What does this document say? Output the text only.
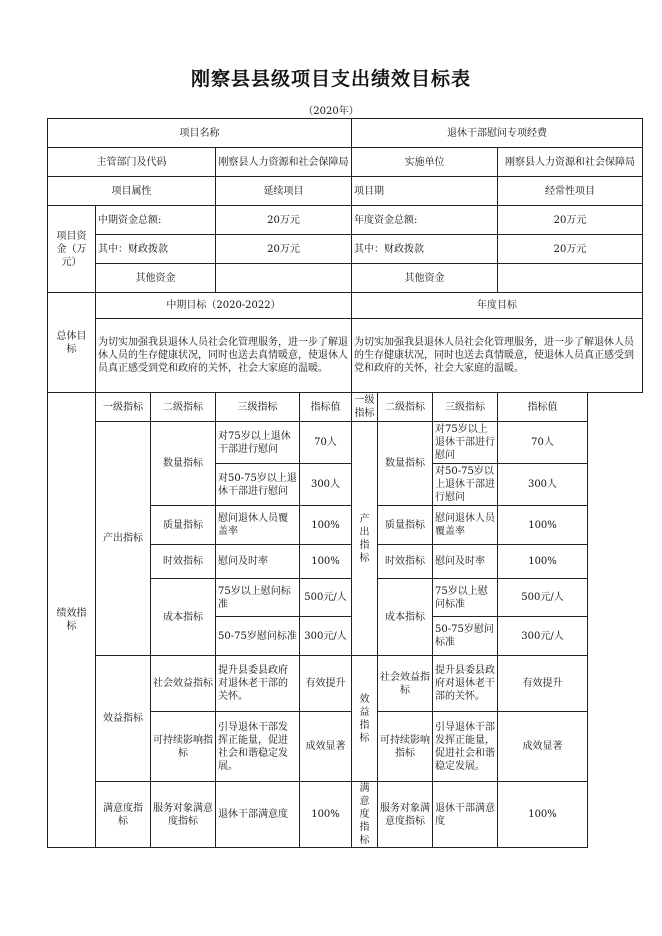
刚察县县级项目支出绩效目标表
（2020年）
项目名称					退休干部慰问专项经费			
主管部门及代码			刚察县人力资源和社会保障局		实施单位			刚察县人力资源和社会保障局
项目属性			延续项目		项目期			经常性项目
项目资金（万元）	中期资金总额:		20万元		年度资金总额:			20万元
	其中：财政拨款		20万元		其中：财政拨款			20万元
	其他资金				其他资金			
总体目标	中期目标（2020-2022）				年度目标			
	为切实加强我县退休人员社会化管理服务，进一步了解退休人员的生存健康状况，同时也送去真情暖意，使退休人员真正感受到党和政府的关怀，社会大家庭的温暖。				为切实加强我县退休人员社会化管理服务，进一步了解退休人员的生存健康状况，同时也送去真情暖意，使退休人员真正感受到党和政府的关怀，社会大家庭的温暖。			
绩效指标	一级指标	二级指标	三级指标	指标值	一级指标	二级指标	三级指标	指标值
	产出指标	数量指标	对75岁以上退休干部进行慰问	70人	产出指标	数量指标	对75岁以上退休干部进行慰问	70人
			对50-75岁以上退休干部进行慰问	300人			对50-75岁以上退休干部进行慰问	300人
		质量指标	慰问退休人员覆盖率	100%		质量指标	慰问退休人员覆盖率	100%
		时效指标	慰问及时率	100%		时效指标	慰问及时率	100%
		成本指标	75岁以上慰问标准	500元/人		成本指标	75岁以上慰问标准	500元/人
			50-75岁慰问标准	300元/人			50-75岁慰问标准	300元/人
	效益指标	社会效益指标	提升县委县政府对退休老干部的关怀。	有效提升	效益指标	社会效益指标	提升县委县政府对退休老干部的关怀。	有效提升
		可持续影响指标	引导退休干部发挥正能量，促进社会和谐稳定发展。	成效显著		可持续影响指标	引导退休干部发挥正能量，促进社会和谐稳定发展。	成效显著
	满意度指标	服务对象满意度指标	退休干部满意度	100%	满意度指标	服务对象满意度指标	退休干部满意度	100%
